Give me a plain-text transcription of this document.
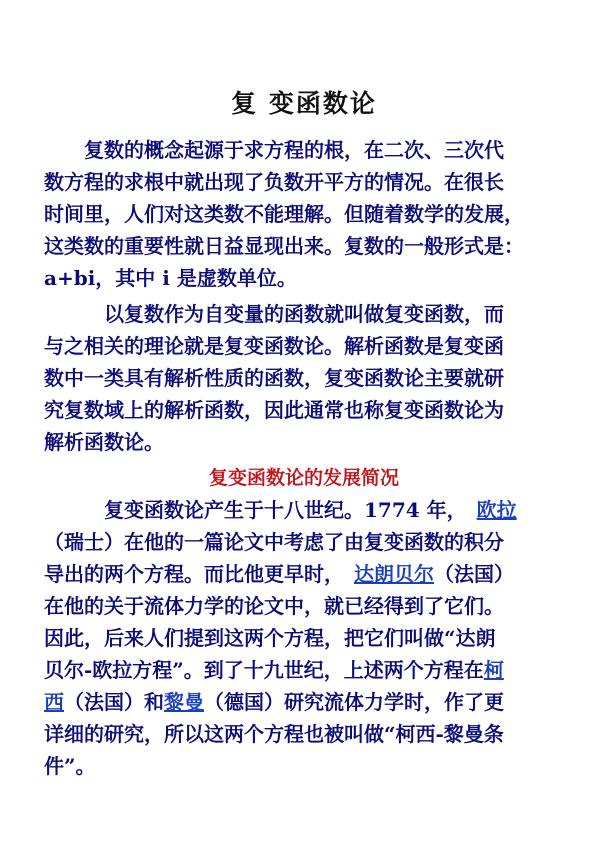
复 变函数论

　　复数的概念起源于求方程的根，在二次、三次代
数方程的求根中就出现了负数开平方的情况。在很长
时间里，人们对这类数不能理解。但随着数学的发展，
这类数的重要性就日益显现出来。复数的一般形式是：
a+bi，其中 i 是虚数单位。

　　　以复数作为自变量的函数就叫做复变函数，而
与之相关的理论就是复变函数论。解析函数是复变函
数中一类具有解析性质的函数，复变函数论主要就研
究复数域上的解析函数，因此通常也称复变函数论为
解析函数论。

复变函数论的发展简况

　　　复变函数论产生于十八世纪。1774 年，　欧拉
（瑞士）在他的一篇论文中考虑了由复变函数的积分
导出的两个方程。而比他更早时，　达朗贝尔（法国）
在他的关于流体力学的论文中，就已经得到了它们。
因此，后来人们提到这两个方程，把它们叫做“达朗
贝尔-欧拉方程”。到了十九世纪，上述两个方程在柯
西（法国）和黎曼（德国）研究流体力学时，作了更
详细的研究，所以这两个方程也被叫做“柯西-黎曼条
件”。
